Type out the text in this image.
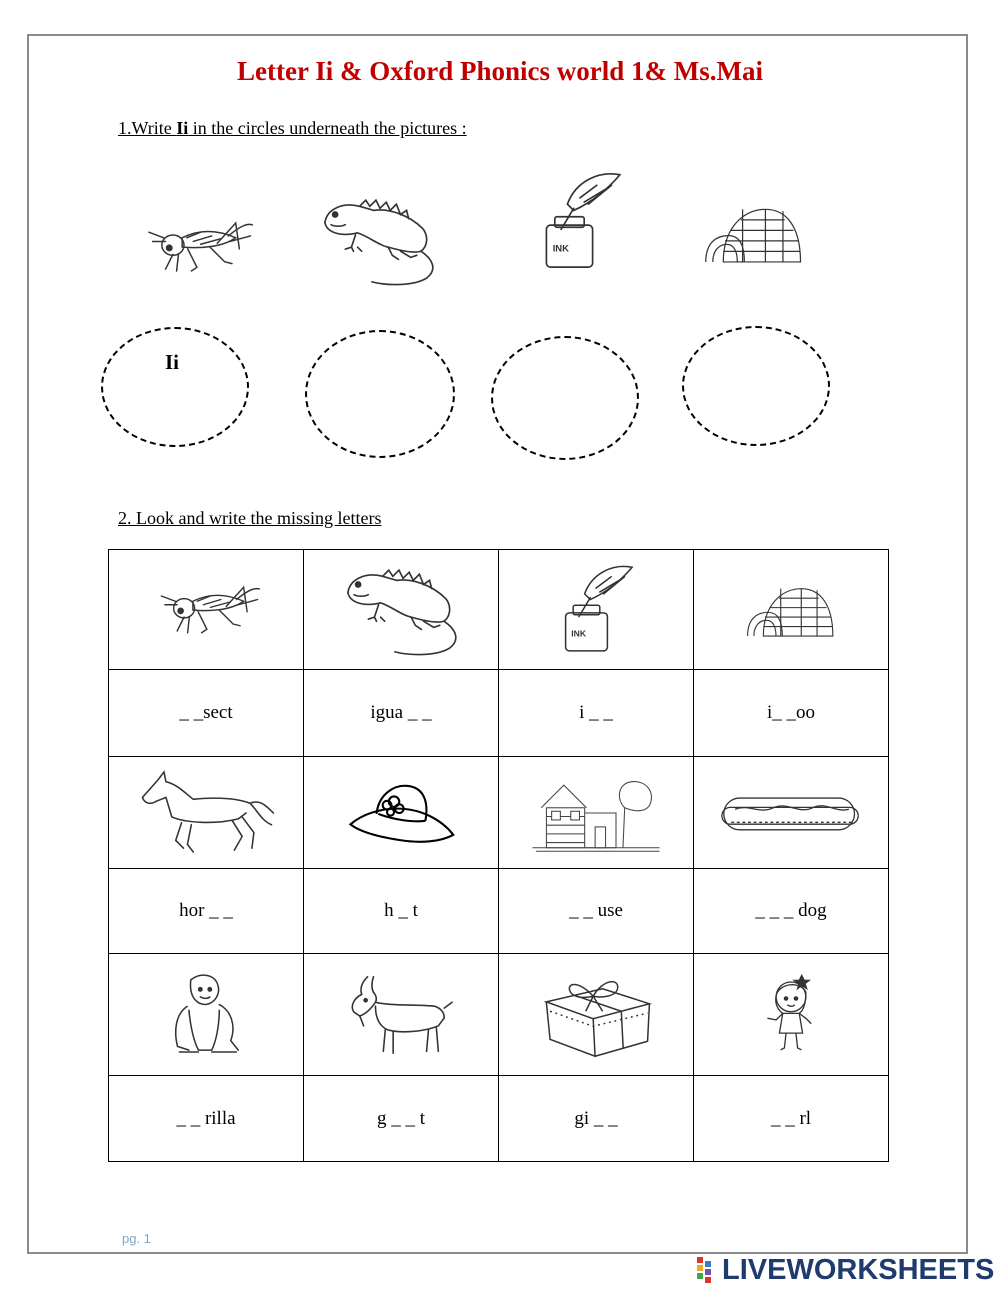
Letter Ii & Oxford Phonics world 1& Ms.Mai
1.Write Ii in the circles underneath the pictures :
Ii
2. Look and write the missing letters

_ _sect	igua _ _	i _ _	i_ _oo

hor _ _	h _ t	_ _ use	_ _ _ dog

_ _ rilla	g _ _ t	gi _ _	_ _ rl
pg. 1
LIVEWORKSHEETS
